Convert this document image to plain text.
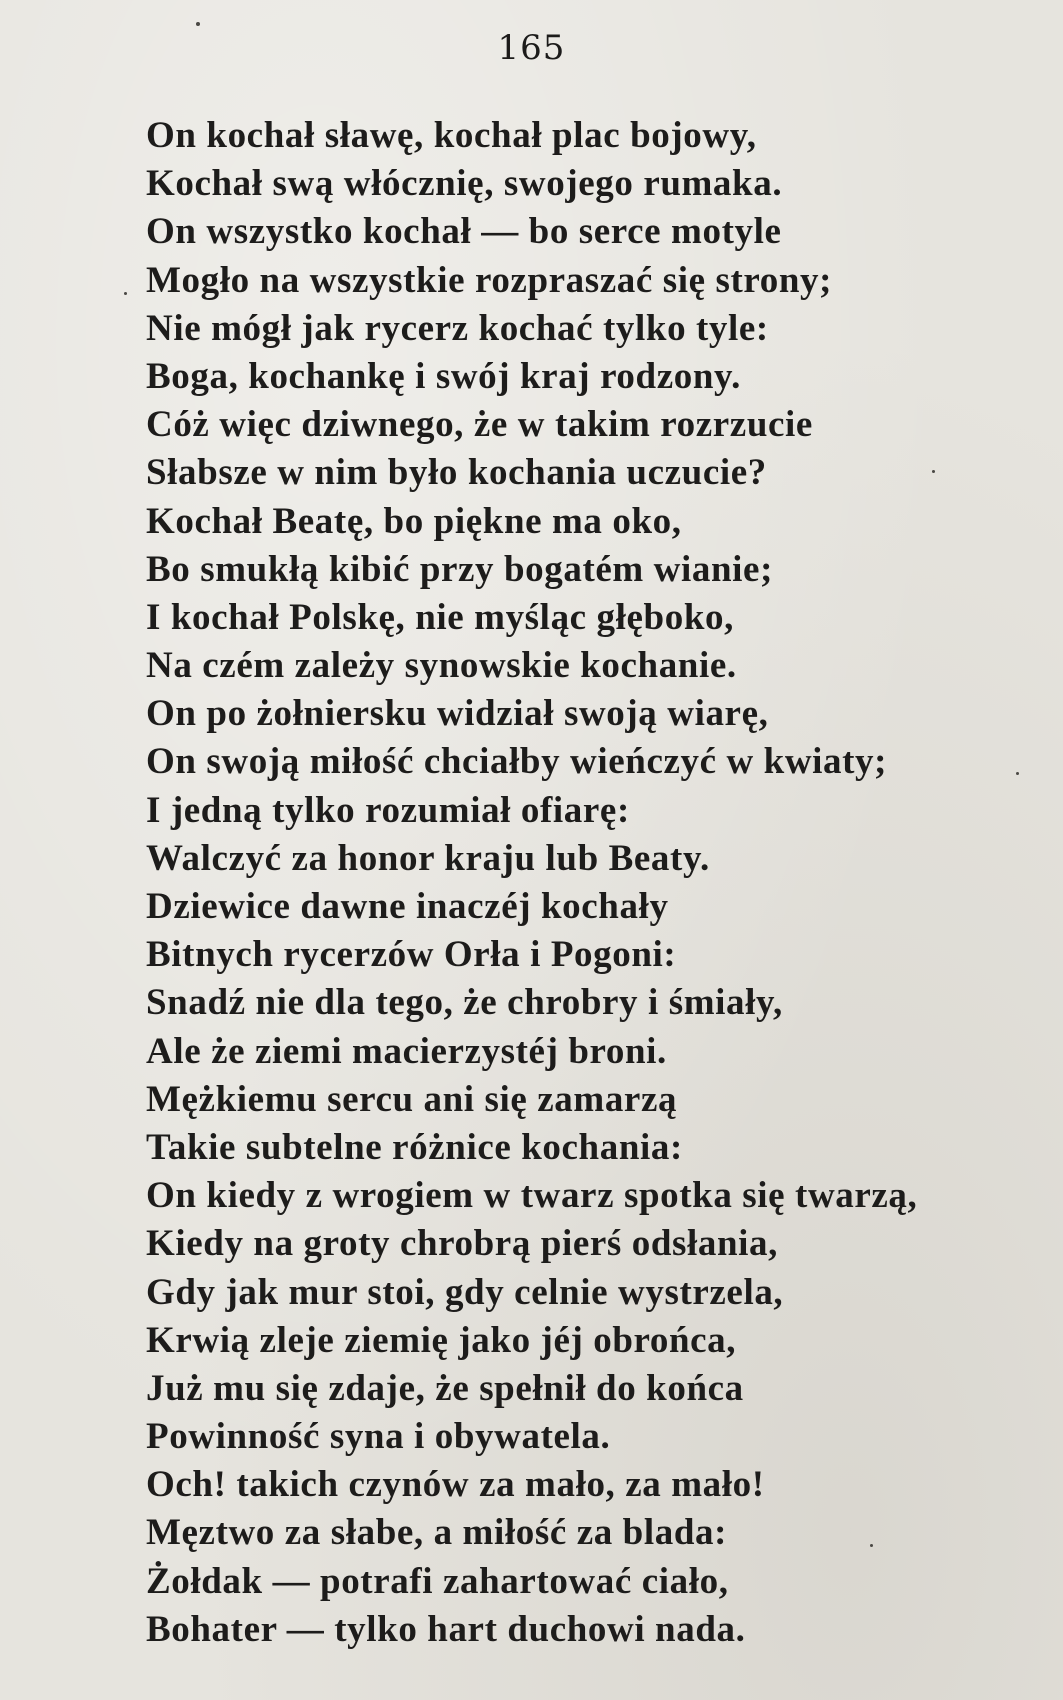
165
On kochał sławę, kochał plac bojowy,
Kochał swą włócznię, swojego rumaka.
On wszystko kochał — bo serce motyle
Mogło na wszystkie rozpraszać się strony;
Nie mógł jak rycerz kochać tylko tyle:
Boga, kochankę i swój kraj rodzony.
Cóż więc dziwnego, że w takim rozrzucie
Słabsze w nim było kochania uczucie?
Kochał Beatę, bo piękne ma oko,
Bo smukłą kibić przy bogatém wianie;
I kochał Polskę, nie myśląc głęboko,
Na czém zależy synowskie kochanie.
On po żołniersku widział swoją wiarę,
On swoją miłość chciałby wieńczyć w kwiaty;
I jedną tylko rozumiał ofiarę:
Walczyć za honor kraju lub Beaty.
Dziewice dawne inaczéj kochały
Bitnych rycerzów Orła i Pogoni:
Snadź nie dla tego, że chrobry i śmiały,
Ale że ziemi macierzystéj broni.
Mężkiemu sercu ani się zamarzą
Takie subtelne różnice kochania:
On kiedy z wrogiem w twarz spotka się twarzą,
Kiedy na groty chrobrą pierś odsłania,
Gdy jak mur stoi, gdy celnie wystrzela,
Krwią zleje ziemię jako jéj obrońca,
Już mu się zdaje, że spełnił do końca
Powinność syna i obywatela.
Och! takich czynów za mało, za mało!
Męztwo za słabe, a miłość za blada:
Żołdak — potrafi zahartować ciało,
Bohater — tylko hart duchowi nada.
